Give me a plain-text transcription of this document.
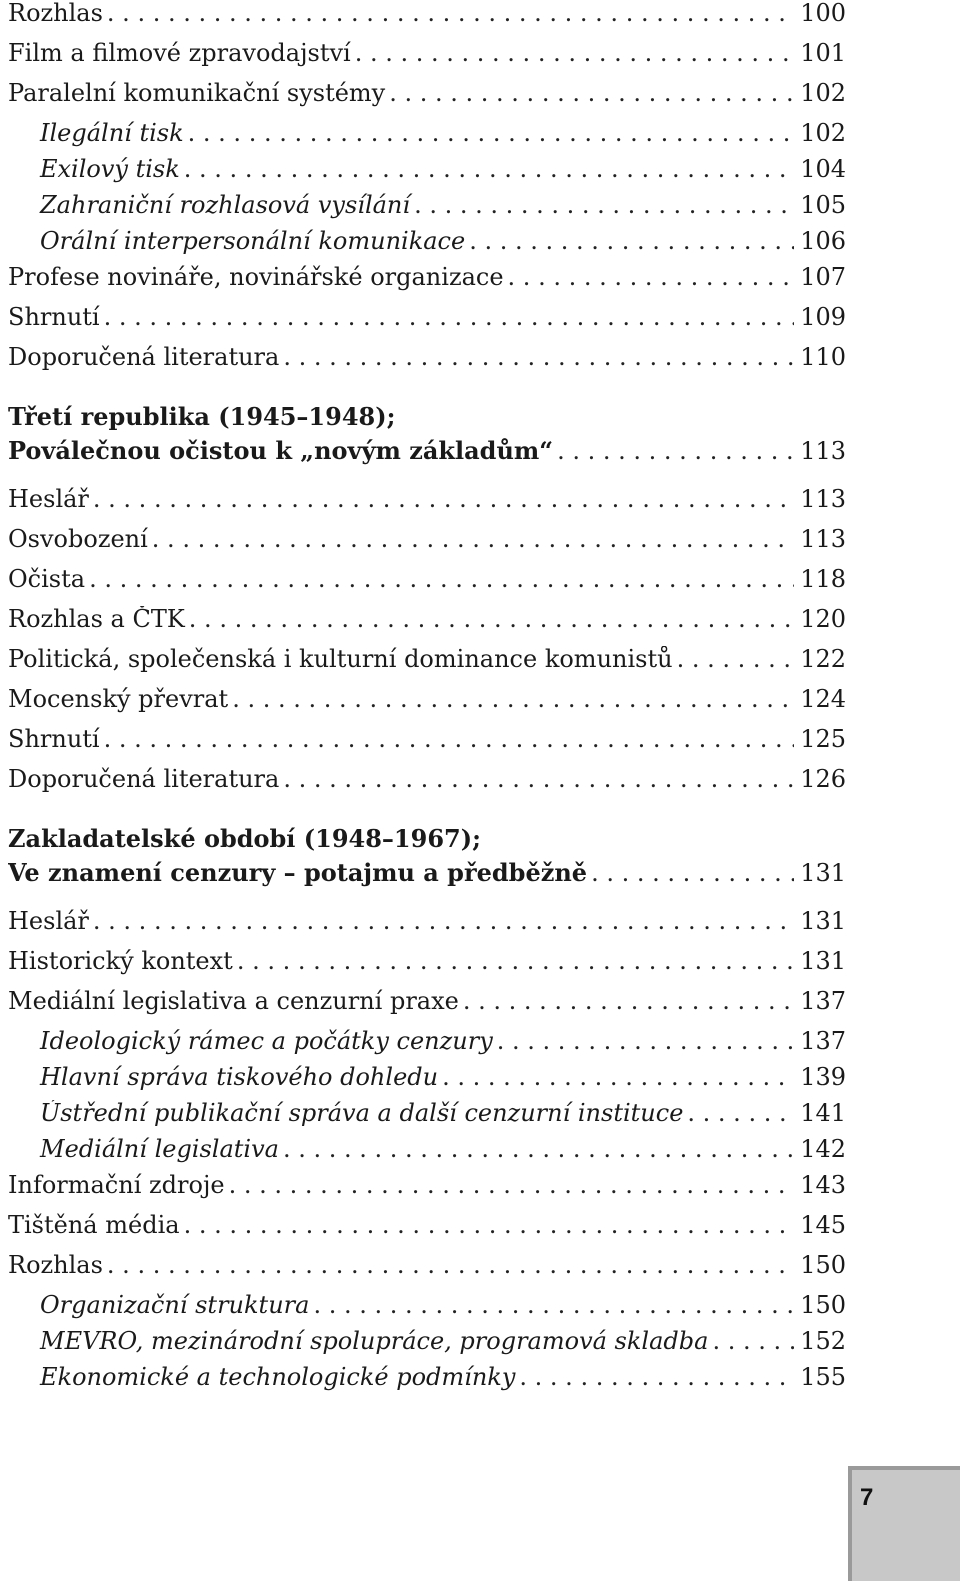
Rozhlas . . .	100
Film a filmové zpravodajství . . .	101
Paralelní komunikační systémy . . .	102
Ilegální tisk . . .	102
Exilový tisk . . .	104
Zahraniční rozhlasová vysílání . . .	105
Orální interpersonální komunikace . . .	106
Profese novináře, novinářské organizace . . .	107
Shrnutí . . .	109
Doporučená literatura . . .	110
Třetí republika (1945–1948);
Poválečnou očistou k „novým základům“ . . .	113
Heslář . . .	113
Osvobození . . .	113
Očista . . .	118
Rozhlas a ČTK . . .	120
Politická, společenská i kulturní dominance komunistů . . .	122
Mocenský převrat . . .	124
Shrnutí . . .	125
Doporučená literatura . . .	126
Zakladatelské období (1948–1967);
Ve znamení cenzury – potajmu a předběžně . . .	131
Heslář . . .	131
Historický kontext . . .	131
Mediální legislativa a cenzurní praxe . . .	137
Ideologický rámec a počátky cenzury . . .	137
Hlavní správa tiskového dohledu . . .	139
Ústřední publikační správa a další cenzurní instituce . . .	141
Mediální legislativa . . .	142
Informační zdroje . . .	143
Tištěná média . . .	145
Rozhlas . . .	150
Organizační struktura . . .	150
MEVRO, mezinárodní spolupráce, programová skladba . . .	152
Ekonomické a technologické podmínky . . .	155
7
